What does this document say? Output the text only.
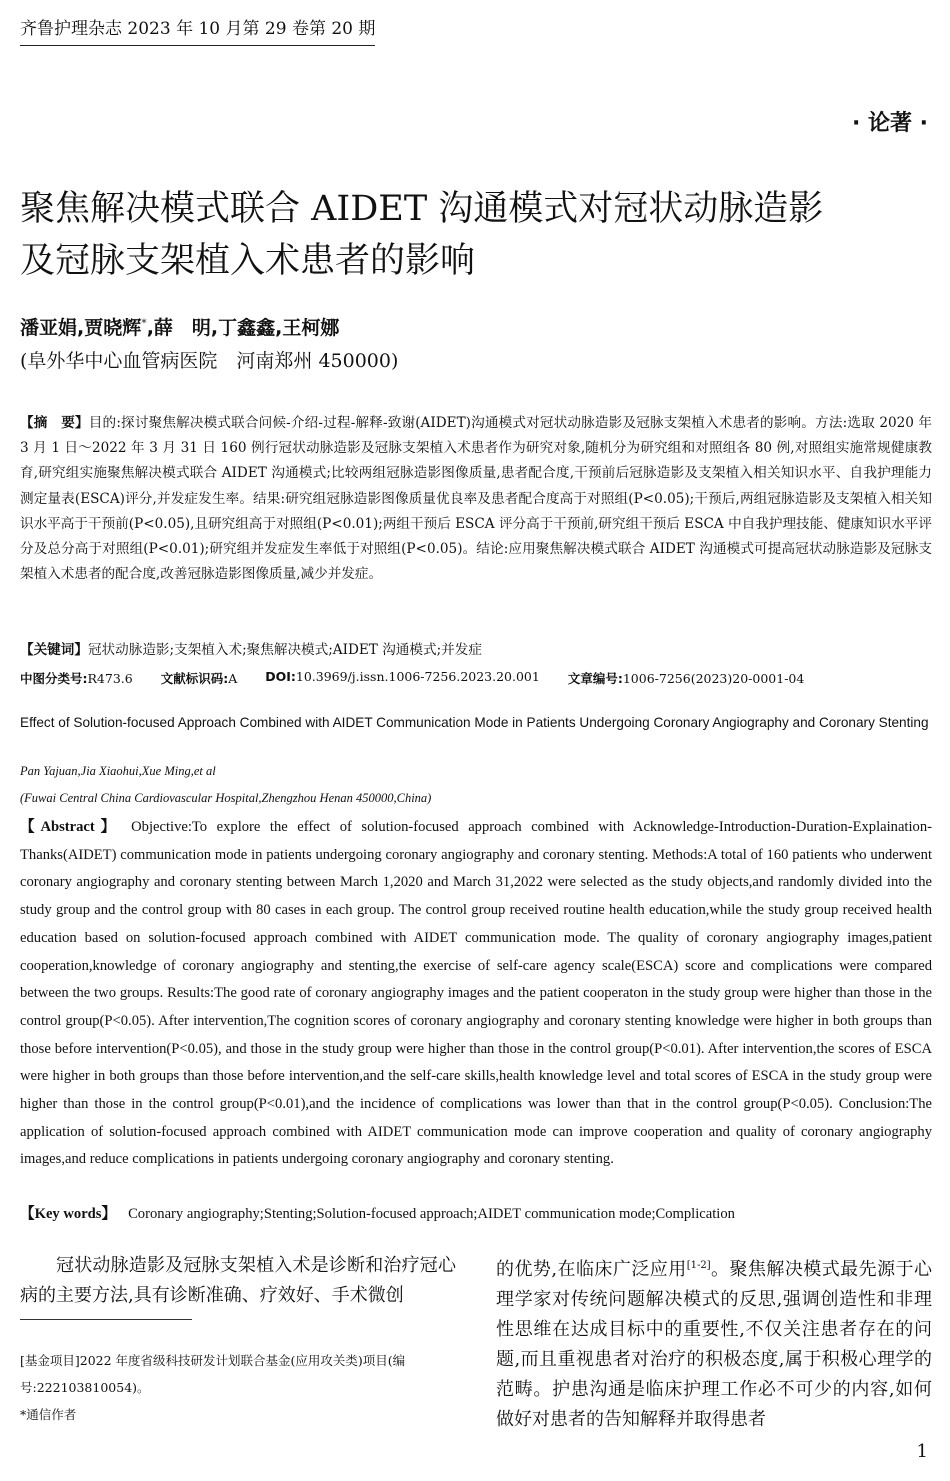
齐鲁护理杂志 2023 年 10 月第 29 卷第 20 期
· 论著 ·
聚焦解决模式联合 AIDET 沟通模式对冠状动脉造影
及冠脉支架植入术患者的影响
潘亚娟,贾晓辉*,薛　明,丁鑫鑫,王柯娜
(阜外华中心血管病医院　河南郑州 450000)
【摘　要】目的:探讨聚焦解决模式联合问候-介绍-过程-解释-致谢(AIDET)沟通模式对冠状动脉造影及冠脉支架植入术患者的影响。方法:选取 2020 年 3 月 1 日～2022 年 3 月 31 日 160 例行冠状动脉造影及冠脉支架植入术患者作为研究对象,随机分为研究组和对照组各 80 例,对照组实施常规健康教育,研究组实施聚焦解决模式联合 AIDET 沟通模式;比较两组冠脉造影图像质量,患者配合度,干预前后冠脉造影及支架植入相关知识水平、自我护理能力测定量表(ESCA)评分,并发症发生率。结果:研究组冠脉造影图像质量优良率及患者配合度高于对照组(P<0.05);干预后,两组冠脉造影及支架植入相关知识水平高于干预前(P<0.05),且研究组高于对照组(P<0.01);两组干预后 ESCA 评分高于干预前,研究组干预后 ESCA 中自我护理技能、健康知识水平评分及总分高于对照组(P<0.01);研究组并发症发生率低于对照组(P<0.05)。结论:应用聚焦解决模式联合 AIDET 沟通模式可提高冠状动脉造影及冠脉支架植入术患者的配合度,改善冠脉造影图像质量,减少并发症。
【关键词】冠状动脉造影;支架植入术;聚焦解决模式;AIDET 沟通模式;并发症
中图分类号:R473.6 文献标识码:A DOI:10.3969/j.issn.1006-7256.2023.20.001 文章编号:1006-7256(2023)20-0001-04
Effect of Solution-focused Approach Combined with AIDET Communication Mode in Patients Undergoing Coronary Angiography and Coronary Stenting
Pan Yajuan,Jia Xiaohui,Xue Ming,et al
(Fuwai Central China Cardiovascular Hospital,Zhengzhou Henan 450000,China)
【Abstract】 Objective:To explore the effect of solution-focused approach combined with Acknowledge-Introduction-Duration-Explaination-Thanks(AIDET) communication mode in patients undergoing coronary angiography and coronary stenting. Methods:A total of 160 patients who underwent coronary angiography and coronary stenting between March 1,2020 and March 31,2022 were selected as the study objects,and randomly divided into the study group and the control group with 80 cases in each group. The control group received routine health education,while the study group received health education based on solution-focused approach combined with AIDET communication mode. The quality of coronary angiography images,patient cooperation,knowledge of coronary angiography and stenting,the exercise of self-care agency scale(ESCA) score and complications were compared between the two groups. Results:The good rate of coronary angiography images and the patient cooperaton in the study group were higher than those in the control group(P<0.05). After intervention,The cognition scores of coronary angiography and coronary stenting knowledge were higher in both groups than those before intervention(P<0.05), and those in the study group were higher than those in the control group(P<0.01). After intervention,the scores of ESCA were higher in both groups than those before intervention,and the self-care skills,health knowledge level and total scores of ESCA in the study group were higher than those in the control group(P<0.01),and the incidence of complications was lower than that in the control group(P<0.05). Conclusion:The application of solution-focused approach combined with AIDET communication mode can improve cooperation and quality of coronary angiography images,and reduce complications in patients undergoing coronary angiography and coronary stenting.
【Key words】 Coronary angiography;Stenting;Solution-focused approach;AIDET communication mode;Complication
冠状动脉造影及冠脉支架植入术是诊断和治疗冠心病的主要方法,具有诊断准确、疗效好、手术微创
[基金项目]2022 年度省级科技研发计划联合基金(应用攻关类)项目(编号:222103810054)。
*通信作者
的优势,在临床广泛应用[1-2]。聚焦解决模式最先源于心理学家对传统问题解决模式的反思,强调创造性和非理性思维在达成目标中的重要性,不仅关注患者存在的问题,而且重视患者对治疗的积极态度,属于积极心理学的范畴。护患沟通是临床护理工作必不可少的内容,如何做好对患者的告知解释并取得患者
1
